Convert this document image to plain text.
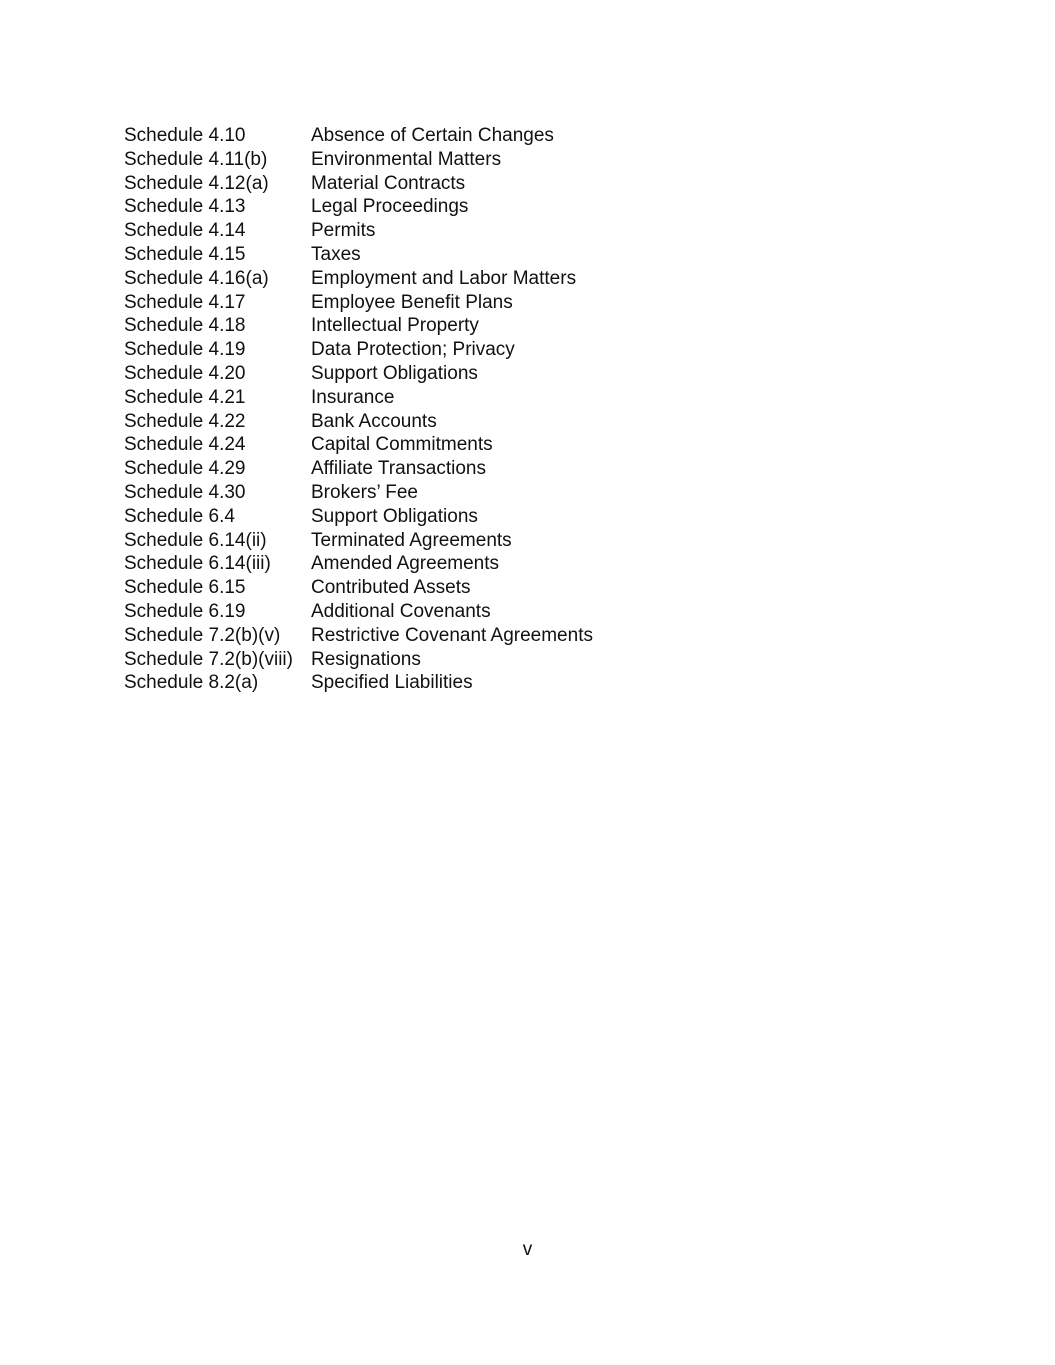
Schedule 4.10	Absence of Certain Changes
Schedule 4.11(b)	Environmental Matters
Schedule 4.12(a)	Material Contracts
Schedule 4.13	Legal Proceedings
Schedule 4.14	Permits
Schedule 4.15	Taxes
Schedule 4.16(a)	Employment and Labor Matters
Schedule 4.17	Employee Benefit Plans
Schedule 4.18	Intellectual Property
Schedule 4.19	Data Protection; Privacy
Schedule 4.20	Support Obligations
Schedule 4.21	Insurance
Schedule 4.22	Bank Accounts
Schedule 4.24	Capital Commitments
Schedule 4.29	Affiliate Transactions
Schedule 4.30	Brokers’ Fee
Schedule 6.4	Support Obligations
Schedule 6.14(ii)	Terminated Agreements
Schedule 6.14(iii)	Amended Agreements
Schedule 6.15	Contributed Assets
Schedule 6.19	Additional Covenants
Schedule 7.2(b)(v)	Restrictive Covenant Agreements
Schedule 7.2(b)(viii) Resignations
Schedule 8.2(a)	Specified Liabilities
v
